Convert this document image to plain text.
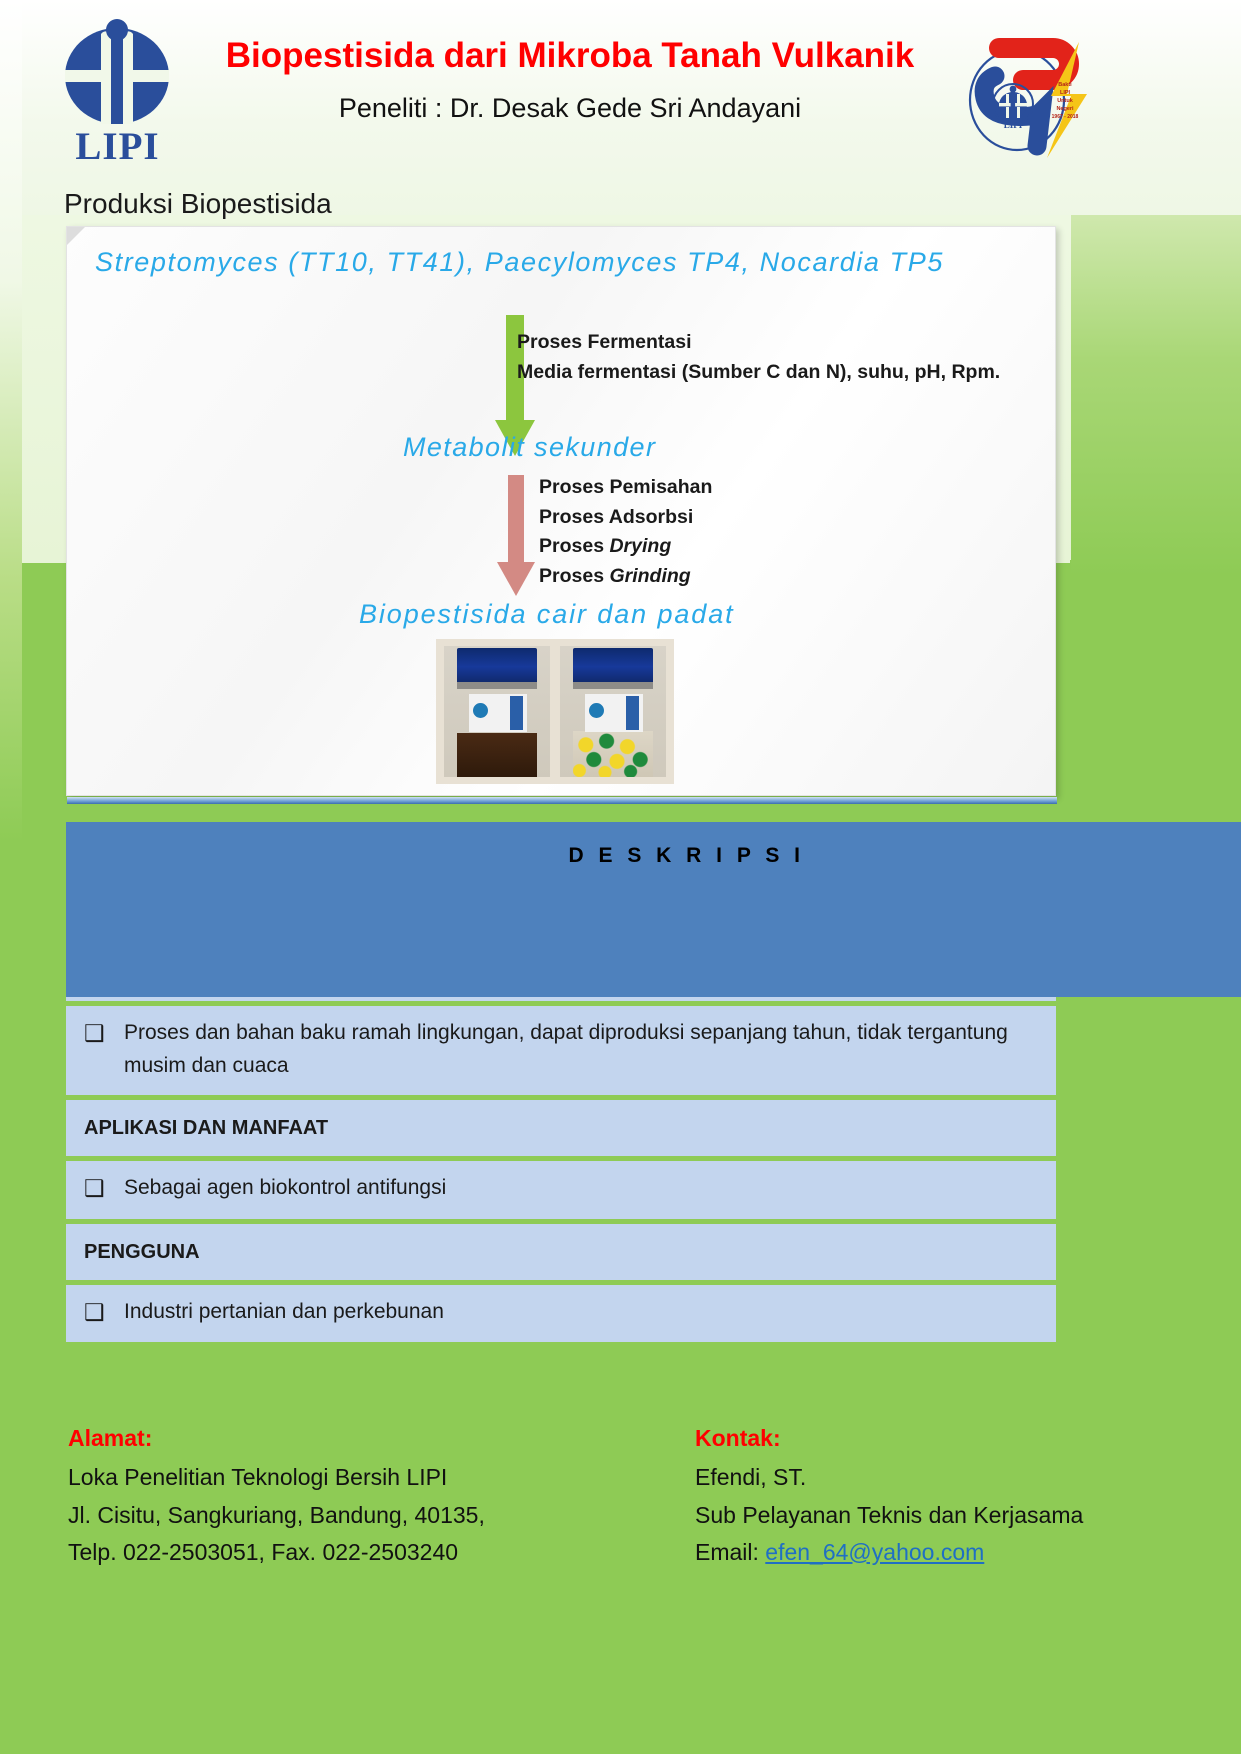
LIPI
Biopestisida dari Mikroba Tanah Vulkanik
Peneliti : Dr. Desak Gede Sri Andayani
LIPI
Bakti
LIPI
Untuk
Negeri
1967 - 2018
Produksi Biopestisida
Streptomyces (TT10, TT41), Paecylomyces TP4, Nocardia TP5
Proses Fermentasi
Media fermentasi (Sumber C dan N), suhu, pH, Rpm.
Metabolit sekunder
Proses Pemisahan
Proses Adsorbsi
Proses Drying
Proses Grinding
Biopestisida cair dan padat
D E S K R I P S I
❑ Proses dan bahan baku ramah lingkungan, dapat diproduksi sepanjang tahun, tidak tergantung musim dan cuaca
APLIKASI DAN MANFAAT
❑ Sebagai agen biokontrol antifungsi
PENGGUNA
❑ Industri pertanian dan perkebunan
Alamat:
Loka Penelitian Teknologi Bersih LIPI
Jl. Cisitu, Sangkuriang, Bandung, 40135,
Telp. 022-2503051, Fax. 022-2503240
Kontak:
Efendi, ST.
Sub Pelayanan Teknis dan Kerjasama
Email: efen_64@yahoo.com
